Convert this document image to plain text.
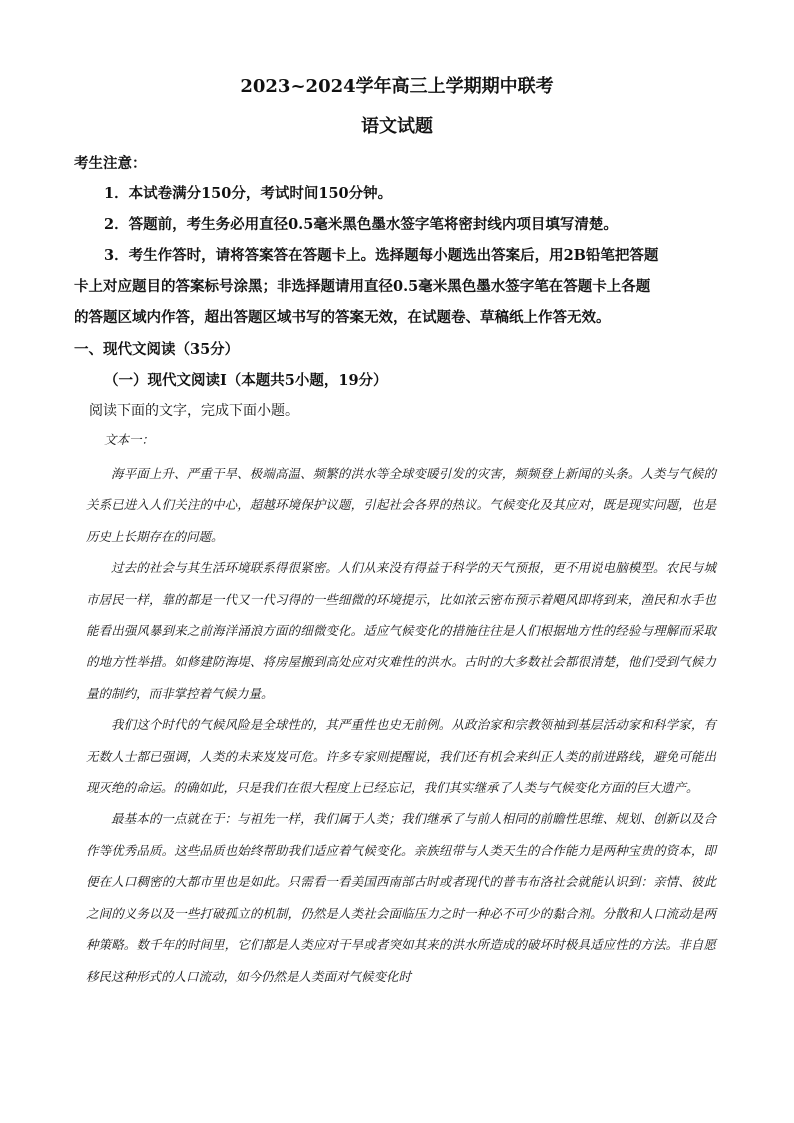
2023~2024学年高三上学期期中联考
语文试题
考生注意：
1．本试卷满分150分，考试时间150分钟。
2．答题前，考生务必用直径0.5毫米黑色墨水签字笔将密封线内项目填写清楚。
3．考生作答时，请将答案答在答题卡上。选择题每小题选出答案后，用2B铅笔把答题
卡上对应题目的答案标号涂黑；非选择题请用直径0.5毫米黑色墨水签字笔在答题卡上各题
的答题区域内作答，超出答题区域书写的答案无效，在试题卷、草稿纸上作答无效。
一、现代文阅读（35分）
（一）现代文阅读Ⅰ（本题共5小题，19分）
阅读下面的文字，完成下面小题。
文本一：

海平面上升、严重干旱、极端高温、频繁的洪水等全球变暖引发的灾害，频频登上新闻的头条。人类与气候的关系已进入人们关注的中心，超越环境保护议题，引起社会各界的热议。气候变化及其应对，既是现实问题，也是历史上长期存在的问题。

过去的社会与其生活环境联系得很紧密。人们从来没有得益于科学的天气预报，更不用说电脑模型。农民与城市居民一样，靠的都是一代又一代习得的一些细微的环境提示，比如浓云密布预示着飓风即将到来，渔民和水手也能看出强风暴到来之前海洋涌浪方面的细微变化。适应气候变化的措施往往是人们根据地方性的经验与理解而采取的地方性举措。如修建防海堤、将房屋搬到高处应对灾难性的洪水。古时的大多数社会都很清楚，他们受到气候力量的制约，而非掌控着气候力量。

我们这个时代的气候风险是全球性的，其严重性也史无前例。从政治家和宗教领袖到基层活动家和科学家，有无数人士都已强调，人类的未来岌岌可危。许多专家则提醒说，我们还有机会来纠正人类的前进路线，避免可能出现灭绝的命运。的确如此，只是我们在很大程度上已经忘记，我们其实继承了人类与气候变化方面的巨大遗产。

最基本的一点就在于：与祖先一样，我们属于人类；我们继承了与前人相同的前瞻性思维、规划、创新以及合作等优秀品质。这些品质也始终帮助我们适应着气候变化。亲族纽带与人类天生的合作能力是两种宝贵的资本，即便在人口稠密的大都市里也是如此。只需看一看美国西南部古时或者现代的普韦布洛社会就能认识到：亲情、彼此之间的义务以及一些打破孤立的机制，仍然是人类社会面临压力之时一种必不可少的黏合剂。分散和人口流动是两种策略。数千年的时间里，它们都是人类应对干旱或者突如其来的洪水所造成的破坏时极具适应性的方法。非自愿移民这种形式的人口流动，如今仍然是人类面对气候变化时
